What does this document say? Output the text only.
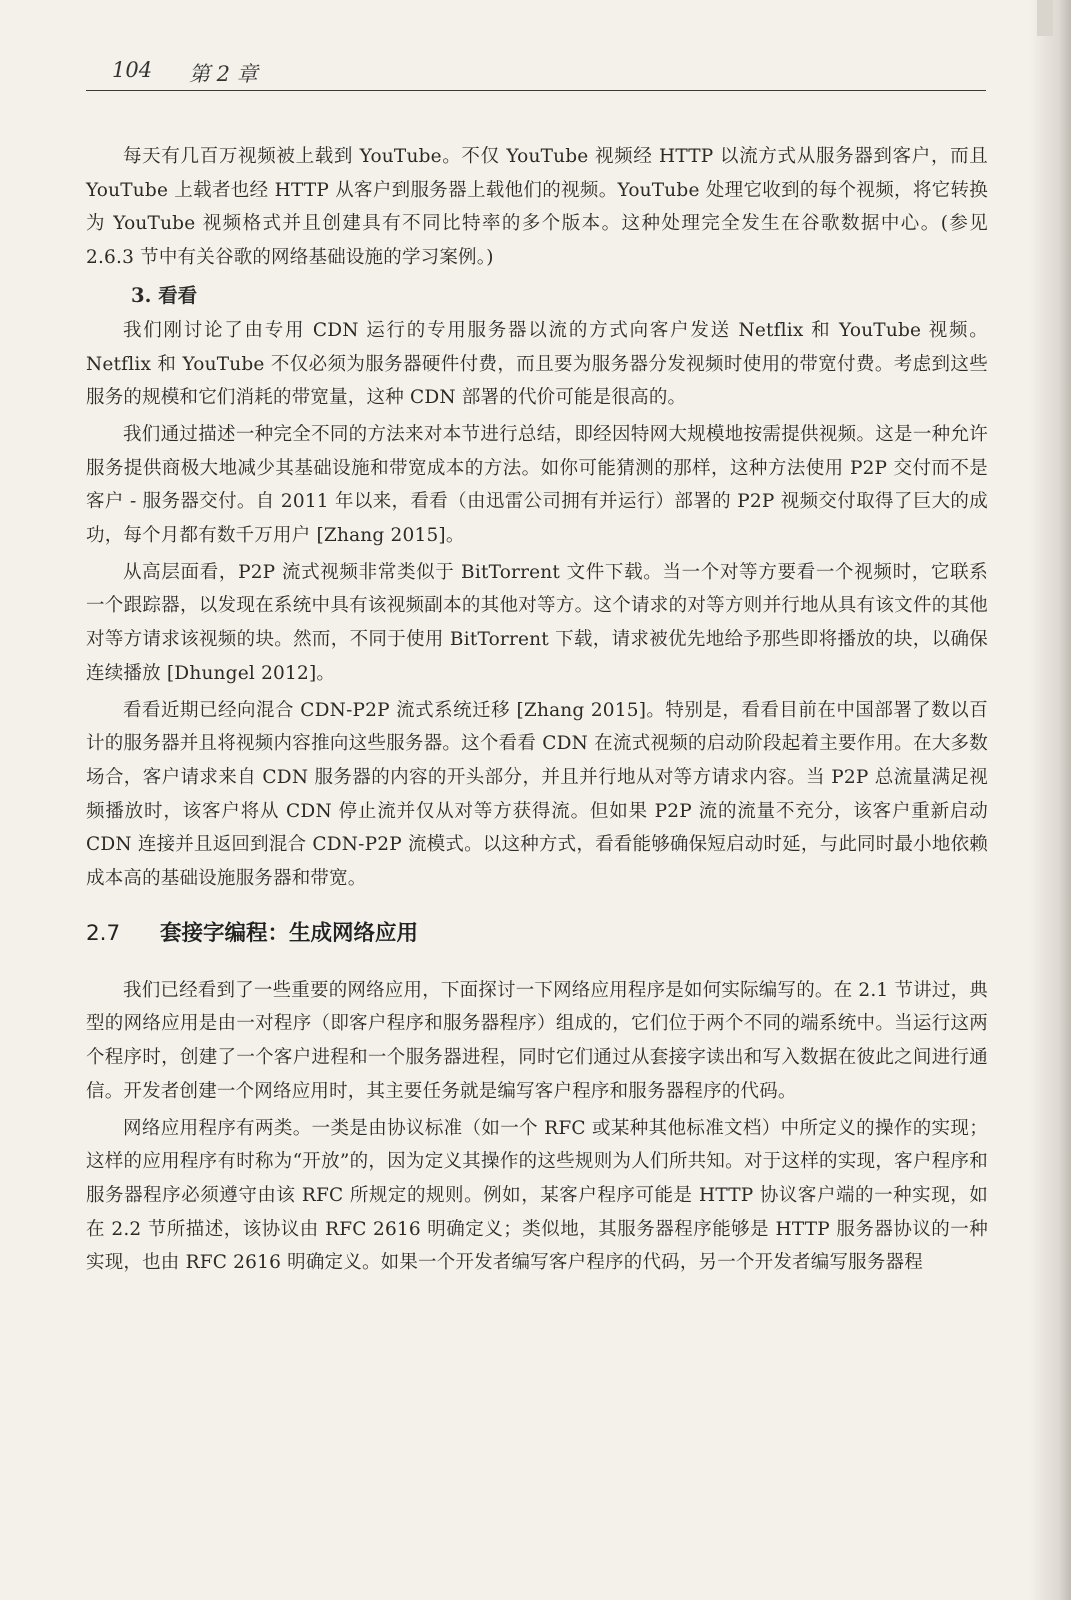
104 第 2 章

每天有几百万视频被上载到 YouTube。不仅 YouTube 视频经 HTTP 以流方式从服务器到客户，而且 YouTube 上载者也经 HTTP 从客户到服务器上载他们的视频。YouTube 处理它收到的每个视频，将它转换为 YouTube 视频格式并且创建具有不同比特率的多个版本。这种处理完全发生在谷歌数据中心。(参见 2.6.3 节中有关谷歌的网络基础设施的学习案例。)

3. 看看

我们刚讨论了由专用 CDN 运行的专用服务器以流的方式向客户发送 Netflix 和 YouTube 视频。Netflix 和 YouTube 不仅必须为服务器硬件付费，而且要为服务器分发视频时使用的带宽付费。考虑到这些服务的规模和它们消耗的带宽量，这种 CDN 部署的代价可能是很高的。

我们通过描述一种完全不同的方法来对本节进行总结，即经因特网大规模地按需提供视频。这是一种允许服务提供商极大地减少其基础设施和带宽成本的方法。如你可能猜测的那样，这种方法使用 P2P 交付而不是客户 - 服务器交付。自 2011 年以来，看看（由迅雷公司拥有并运行）部署的 P2P 视频交付取得了巨大的成功，每个月都有数千万用户 [Zhang 2015]。

从高层面看，P2P 流式视频非常类似于 BitTorrent 文件下载。当一个对等方要看一个视频时，它联系一个跟踪器，以发现在系统中具有该视频副本的其他对等方。这个请求的对等方则并行地从具有该文件的其他对等方请求该视频的块。然而，不同于使用 BitTorrent 下载，请求被优先地给予那些即将播放的块，以确保连续播放 [Dhungel 2012]。

看看近期已经向混合 CDN-P2P 流式系统迁移 [Zhang 2015]。特别是，看看目前在中国部署了数以百计的服务器并且将视频内容推向这些服务器。这个看看 CDN 在流式视频的启动阶段起着主要作用。在大多数场合，客户请求来自 CDN 服务器的内容的开头部分，并且并行地从对等方请求内容。当 P2P 总流量满足视频播放时，该客户将从 CDN 停止流并仅从对等方获得流。但如果 P2P 流的流量不充分，该客户重新启动 CDN 连接并且返回到混合 CDN-P2P 流模式。以这种方式，看看能够确保短启动时延，与此同时最小地依赖成本高的基础设施服务器和带宽。

2.7 套接字编程：生成网络应用

我们已经看到了一些重要的网络应用，下面探讨一下网络应用程序是如何实际编写的。在 2.1 节讲过，典型的网络应用是由一对程序（即客户程序和服务器程序）组成的，它们位于两个不同的端系统中。当运行这两个程序时，创建了一个客户进程和一个服务器进程，同时它们通过从套接字读出和写入数据在彼此之间进行通信。开发者创建一个网络应用时，其主要任务就是编写客户程序和服务器程序的代码。

网络应用程序有两类。一类是由协议标准（如一个 RFC 或某种其他标准文档）中所定义的操作的实现；这样的应用程序有时称为“开放”的，因为定义其操作的这些规则为人们所共知。对于这样的实现，客户程序和服务器程序必须遵守由该 RFC 所规定的规则。例如，某客户程序可能是 HTTP 协议客户端的一种实现，如在 2.2 节所描述，该协议由 RFC 2616 明确定义；类似地，其服务器程序能够是 HTTP 服务器协议的一种实现，也由 RFC 2616 明确定义。如果一个开发者编写客户程序的代码，另一个开发者编写服务器程
